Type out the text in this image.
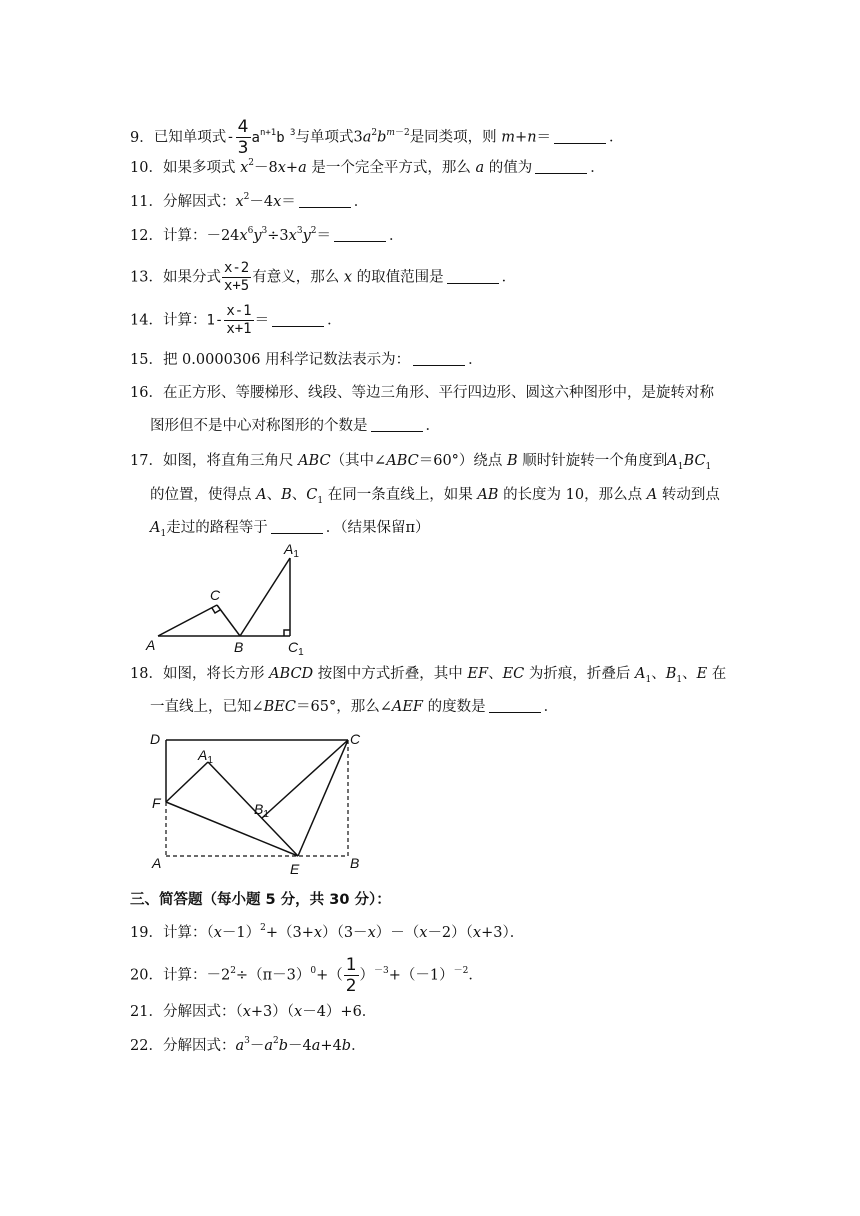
9．已知单项式- $\frac{4}{3} a^{n+1}b$ $^3$与单项式$3a^2b^{m-2}$是同类项，则 m+n＝	．
10．如果多项式 $x^2-8x+a$ 是一个完全平方式，那么 a 的值为	．
11．分解因式：$x^2-4x=$	．
12．计算：$-24x^6y^3\div 3x^3y^2=$	．
13．如果分式 $\frac{x-2}{x+5}$ 有意义，那么 x 的取值范围是	．
14．计算：$1- \frac{x-1}{x+1}$ ＝	．
15．把 0.0000306 用科学记数法表示为：	．
16．在正方形、等腰梯形、线段、等边三角形、平行四边形、圆这六种图形中，是旋转对称
图形但不是中心对称图形的个数是	．
17．如图，将直角三角尺 ABC（其中∠ABC＝60°）绕点 B 顺时针旋转一个角度到$A_1BC_1$
的位置，使得点 A、B、$C_1$ 在同一条直线上，如果 AB 的长度为 10，那么点 A 转动到点
$A_1$走过的路程等于	．（结果保留π）
A	B
C
$A_1$
$C_1$
18．如图，将长方形 ABCD 按图中方式折叠，其中 EF、EC 为折痕，折叠后 $A_1$、$B_1$、E 在
一直线上，已知∠BEC＝65°，那么∠AEF 的度数是	．
D	C
$A_1$
F	$B_1$
A	E	B
三、简答题（每小题 5 分，共 30 分）：
19．计算：$(x-1)^2+(3+x)(3-x)-(x-2)(x+3)$．
20．计算：$-2^2\div(\pi-3)^0+( \frac{1}{2} )^{-3}+(-1)^{-2}$．
21．分解因式：（x+3）（x－4）+6．
22．分解因式：$a^3-a^2b-4a+4b$．
